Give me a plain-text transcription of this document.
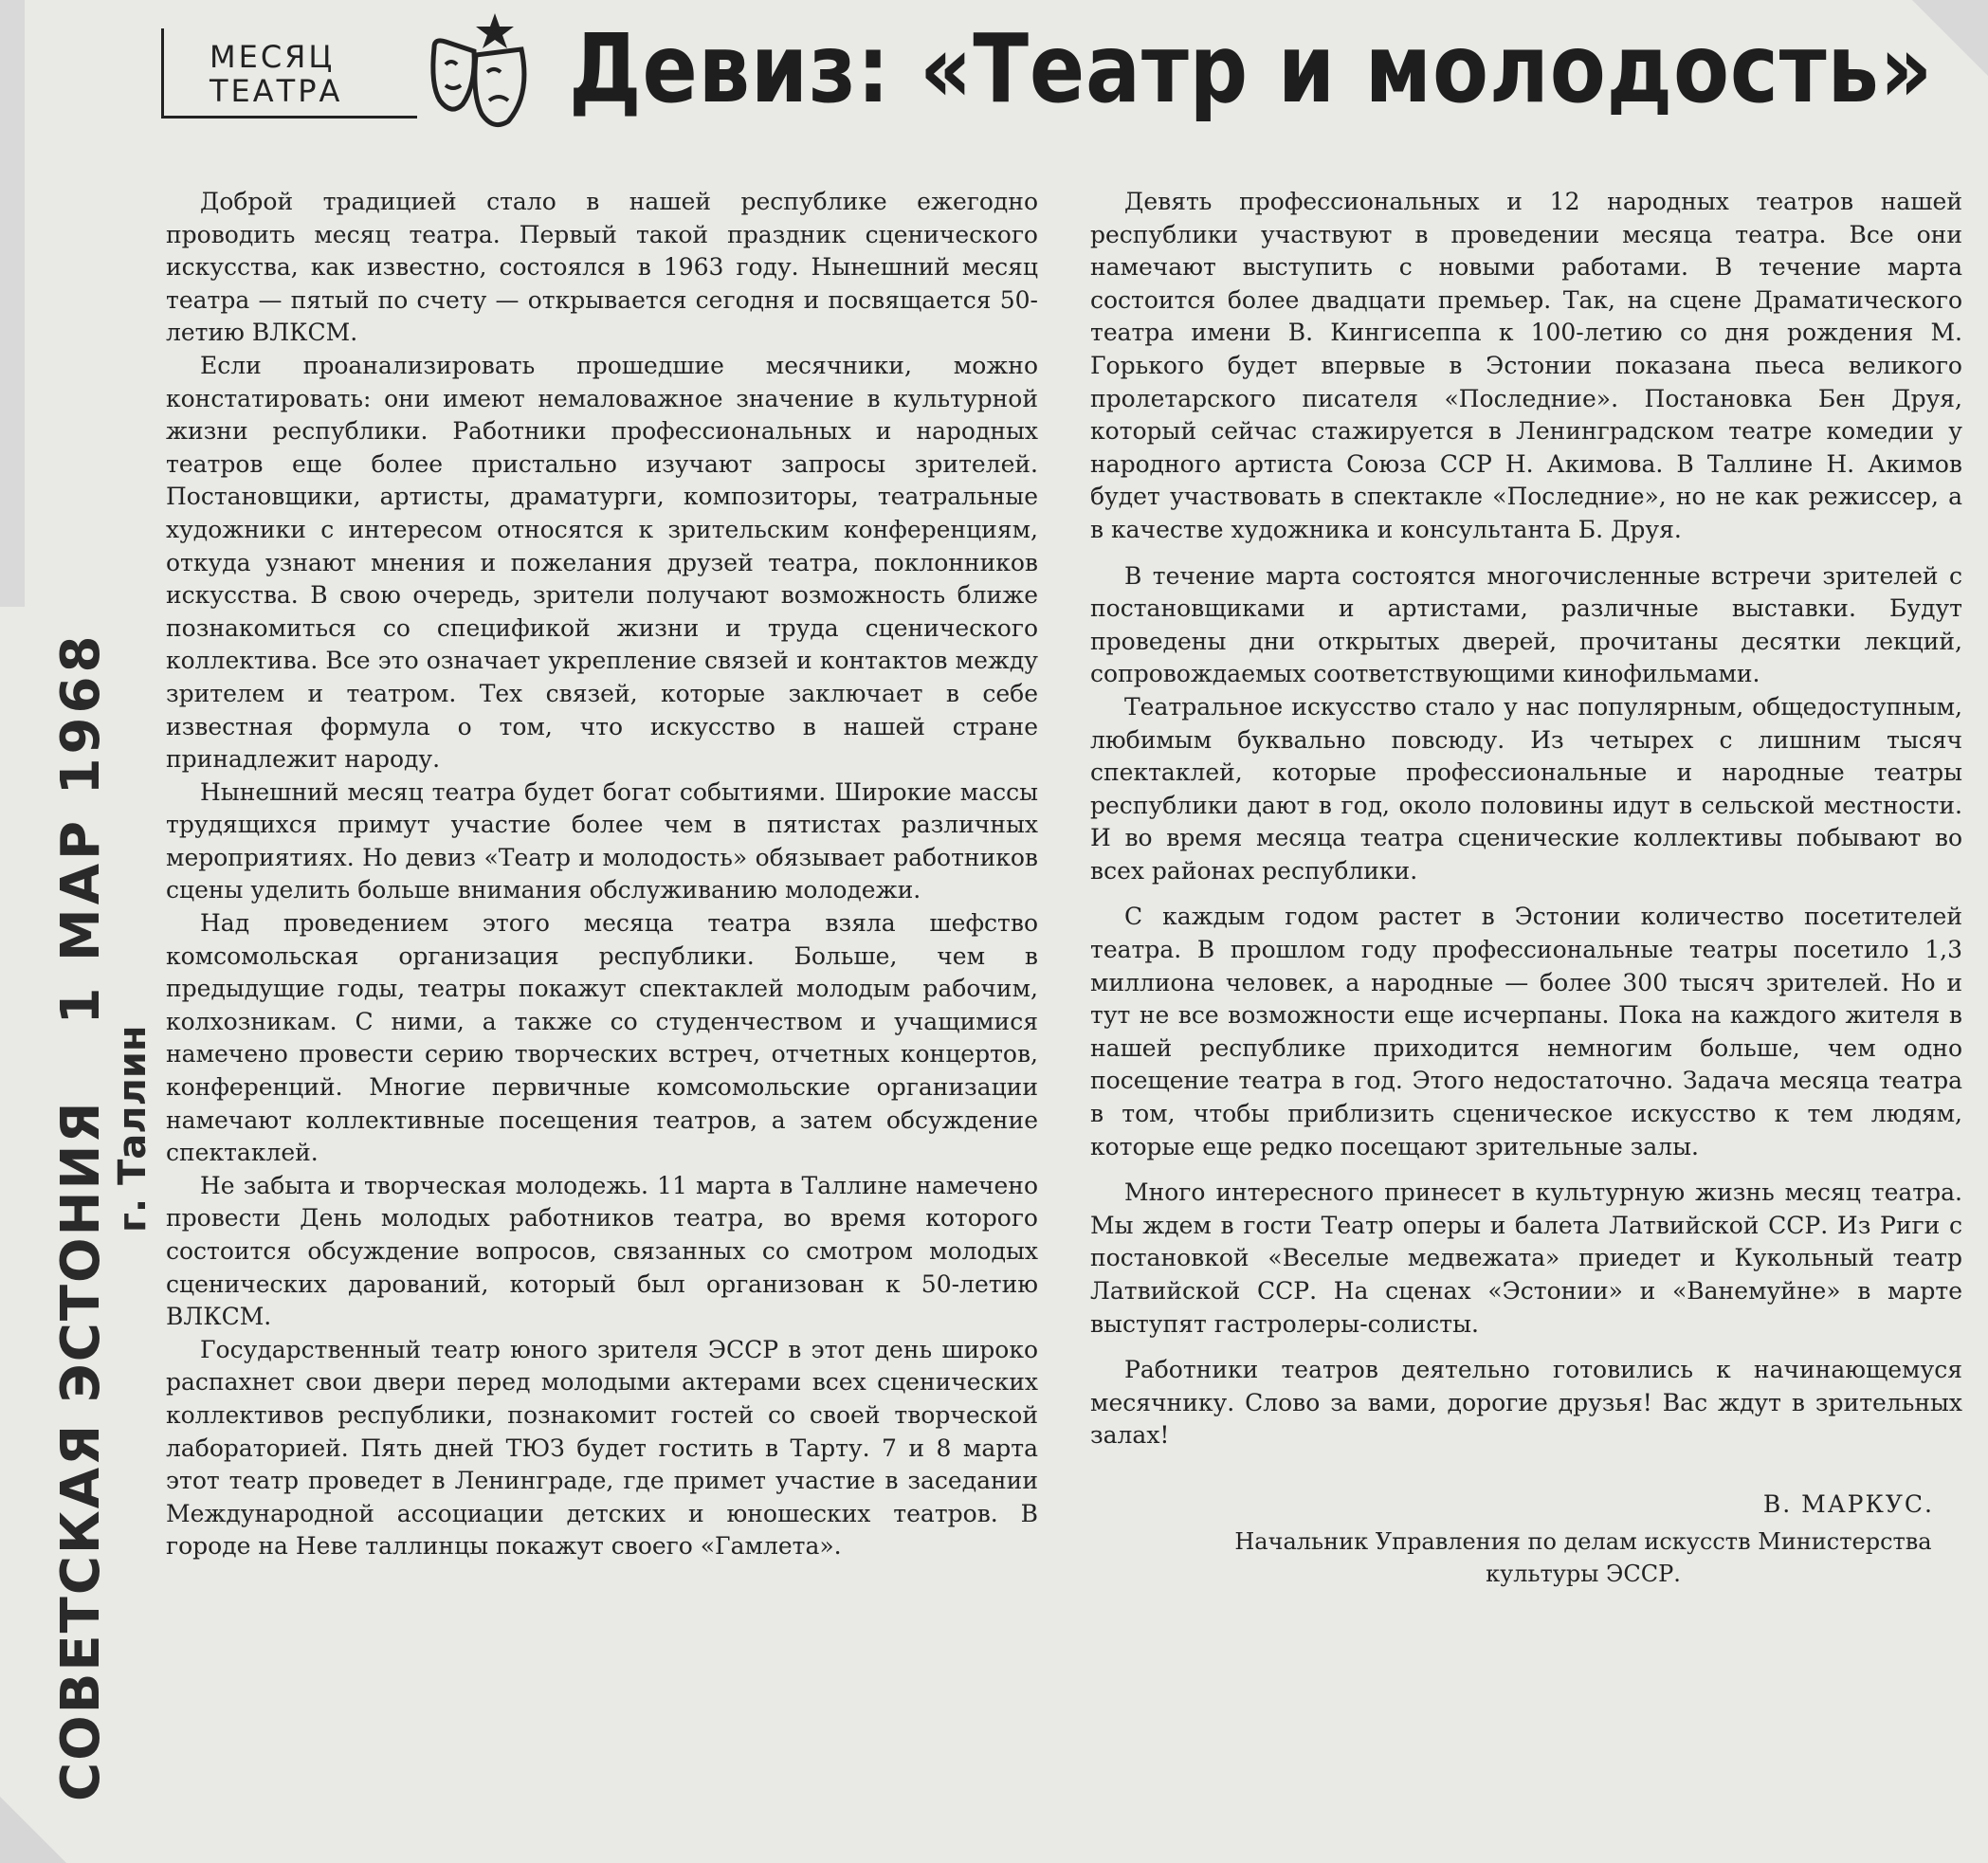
МЕСЯЦ
ТЕАТРА	Девиз: «Театр и молодость»

Доброй традицией стало в нашей республике ежегодно проводить месяц театра. Первый такой праздник сценического искусства, как известно, состоялся в 1963 году. Нынешний месяц театра — пятый по счету — открывается сегодня и посвящается 50-летию ВЛКСМ.

Если проанализировать прошедшие месячники, можно констатировать: они имеют немаловажное значение в культурной жизни республики. Работники профессиональных и народных театров еще более пристально изучают запросы зрителей. Постановщики, артисты, драматурги, композиторы, театральные художники с интересом относятся к зрительским конференциям, откуда узнают мнения и пожелания друзей театра, поклонников искусства. В свою очередь, зрители получают возможность ближе познакомиться со спецификой жизни и труда сценического коллектива. Все это означает укрепление связей и контактов между зрителем и театром. Тех связей, которые заключает в себе известная формула о том, что искусство в нашей стране принадлежит народу.

Нынешний месяц театра будет богат событиями. Широкие массы трудящихся примут участие более чем в пятистах различных мероприятиях. Но девиз «Театр и молодость» обязывает работников сцены уделить больше внимания обслуживанию молодежи.

Над проведением этого месяца театра взяла шефство комсомольская организация республики. Больше, чем в предыдущие годы, театры покажут спектаклей молодым рабочим, колхозникам. С ними, а также со студенчеством и учащимися намечено провести серию творческих встреч, отчетных концертов, конференций. Многие первичные комсомольские организации намечают коллективные посещения театров, а затем обсуждение спектаклей.

Не забыта и творческая молодежь. 11 марта в Таллине намечено провести День молодых работников театра, во время которого состоится обсуждение вопросов, связанных со смотром молодых сценических дарований, который был организован к 50-летию ВЛКСМ.

Государственный театр юного зрителя ЭССР в этот день широко распахнет свои двери перед молодыми актерами всех сценических коллективов республики, познакомит гостей со своей творческой лабораторией. Пять дней ТЮЗ будет гостить в Тарту. 7 и 8 марта этот театр проведет в Ленинграде, где примет участие в заседании Международной ассоциации детских и юношеских театров. В городе на Неве таллинцы покажут своего «Гамлета».

Девять профессиональных и 12 народных театров нашей республики участвуют в проведении месяца театра. Все они намечают выступить с новыми работами. В течение марта состоится более двадцати премьер. Так, на сцене Драматического театра имени В. Кингисеппа к 100-летию со дня рождения М. Горького будет впервые в Эстонии показана пьеса великого пролетарского писателя «Последние». Постановка Бен Друя, который сейчас стажируется в Ленинградском театре комедии у народного артиста Союза ССР Н. Акимова. В Таллине Н. Акимов будет участвовать в спектакле «Последние», но не как режиссер, а в качестве художника и консультанта Б. Друя.

В течение марта состоятся многочисленные встречи зрителей с постановщиками и артистами, различные выставки. Будут проведены дни открытых дверей, прочитаны десятки лекций, сопровождаемых соответствующими кинофильмами.

Театральное искусство стало у нас популярным, общедоступным, любимым буквально повсюду. Из четырех с лишним тысяч спектаклей, которые профессиональные и народные театры республики дают в год, около половины идут в сельской местности. И во время месяца театра сценические коллективы побывают во всех районах республики.

С каждым годом растет в Эстонии количество посетителей театра. В прошлом году профессиональные театры посетило 1,3 миллиона человек, а народные — более 300 тысяч зрителей. Но и тут не все возможности еще исчерпаны. Пока на каждого жителя в нашей республике приходится немногим больше, чем одно посещение театра в год. Этого недостаточно. Задача месяца театра в том, чтобы приблизить сценическое искусство к тем людям, которые еще редко посещают зрительные залы.

Много интересного принесет в культурную жизнь месяц театра. Мы ждем в гости Театр оперы и балета Латвийской ССР. Из Риги с постановкой «Веселые медвежата» приедет и Кукольный театр Латвийской ССР. На сценах «Эстонии» и «Ванемуйне» в марте выступят гастролеры-солисты.

Работники театров деятельно готовились к начинающемуся месячнику. Слово за вами, дорогие друзья! Вас ждут в зрительных залах!

В. МАРКУС.
Начальник Управления по делам искусств Министерства культуры ЭССР.
СОВЕТСКАЯ ЭСТОНИЯ1 МАР 1968
г. Таллин
